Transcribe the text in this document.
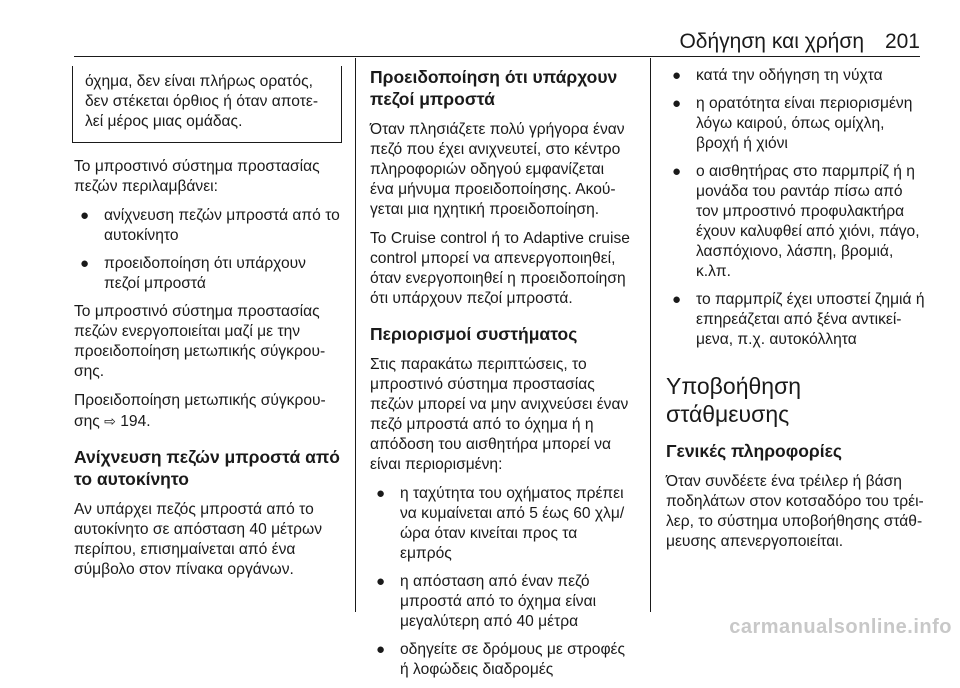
Οδήγηση και χρήση 201

όχημα, δεν είναι πλήρως ορατός, δεν στέκεται όρθιος ή όταν αποτε-λεί μέρος μιας ομάδας.

Το μπροστινό σύστημα προστασίας πεζών περιλαμβάνει:

● ανίχνευση πεζών μπροστά από το αυτοκίνητο
● προειδοποίηση ότι υπάρχουν πεζοί μπροστά

Το μπροστινό σύστημα προστασίας πεζών ενεργοποιείται μαζί με την προειδοποίηση μετωπικής σύγκρου-σης.

Προειδοποίηση μετωπικής σύγκρου-σης ⇨ 194.

Ανίχνευση πεζών μπροστά από το αυτοκίνητο

Αν υπάρχει πεζός μπροστά από το αυτοκίνητο σε απόσταση 40 μέτρων περίπου, επισημαίνεται από ένα σύμβολο στον πίνακα οργάνων.

Προειδοποίηση ότι υπάρχουν πεζοί μπροστά

Όταν πλησιάζετε πολύ γρήγορα έναν πεζό που έχει ανιχνευτεί, στο κέντρο πληροφοριών οδηγού εμφανίζεται ένα μήνυμα προειδοποίησης. Ακού-γεται μια ηχητική προειδοποίηση.

Το Cruise control ή το Adaptive cruise control μπορεί να απενεργοποιηθεί, όταν ενεργοποιηθεί η προειδοποίηση ότι υπάρχουν πεζοί μπροστά.

Περιορισμοί συστήματος

Στις παρακάτω περιπτώσεις, το μπροστινό σύστημα προστασίας πεζών μπορεί να μην ανιχνεύσει έναν πεζό μπροστά από το όχημα ή η απόδοση του αισθητήρα μπορεί να είναι περιορισμένη:

● η ταχύτητα του οχήματος πρέπει να κυμαίνεται από 5 έως 60 χλμ/ώρα όταν κινείται προς τα εμπρός
● η απόσταση από έναν πεζό μπροστά από το όχημα είναι μεγαλύτερη από 40 μέτρα
● οδηγείτε σε δρόμους με στροφές ή λοφώδεις διαδρομές
● κατά την οδήγηση τη νύχτα
● η ορατότητα είναι περιορισμένη λόγω καιρού, όπως ομίχλη, βροχή ή χιόνι
● ο αισθητήρας στο παρμπρίζ ή η μονάδα του ραντάρ πίσω από τον μπροστινό προφυλακτήρα έχουν καλυφθεί από χιόνι, πάγο, λασπόχιονο, λάσπη, βρομιά, κ.λπ.
● το παρμπρίζ έχει υποστεί ζημιά ή επηρεάζεται από ξένα αντικεί-μενα, π.χ. αυτοκόλλητα
Υποβοήθηση στάθμευσης
Γενικές πληροφορίες

Όταν συνδέετε ένα τρέιλερ ή βάση ποδηλάτων στον κοτσαδόρο του τρέι-λερ, το σύστημα υποβοήθησης στάθ-μευσης απενεργοποιείται.

carmanualsonline.info
